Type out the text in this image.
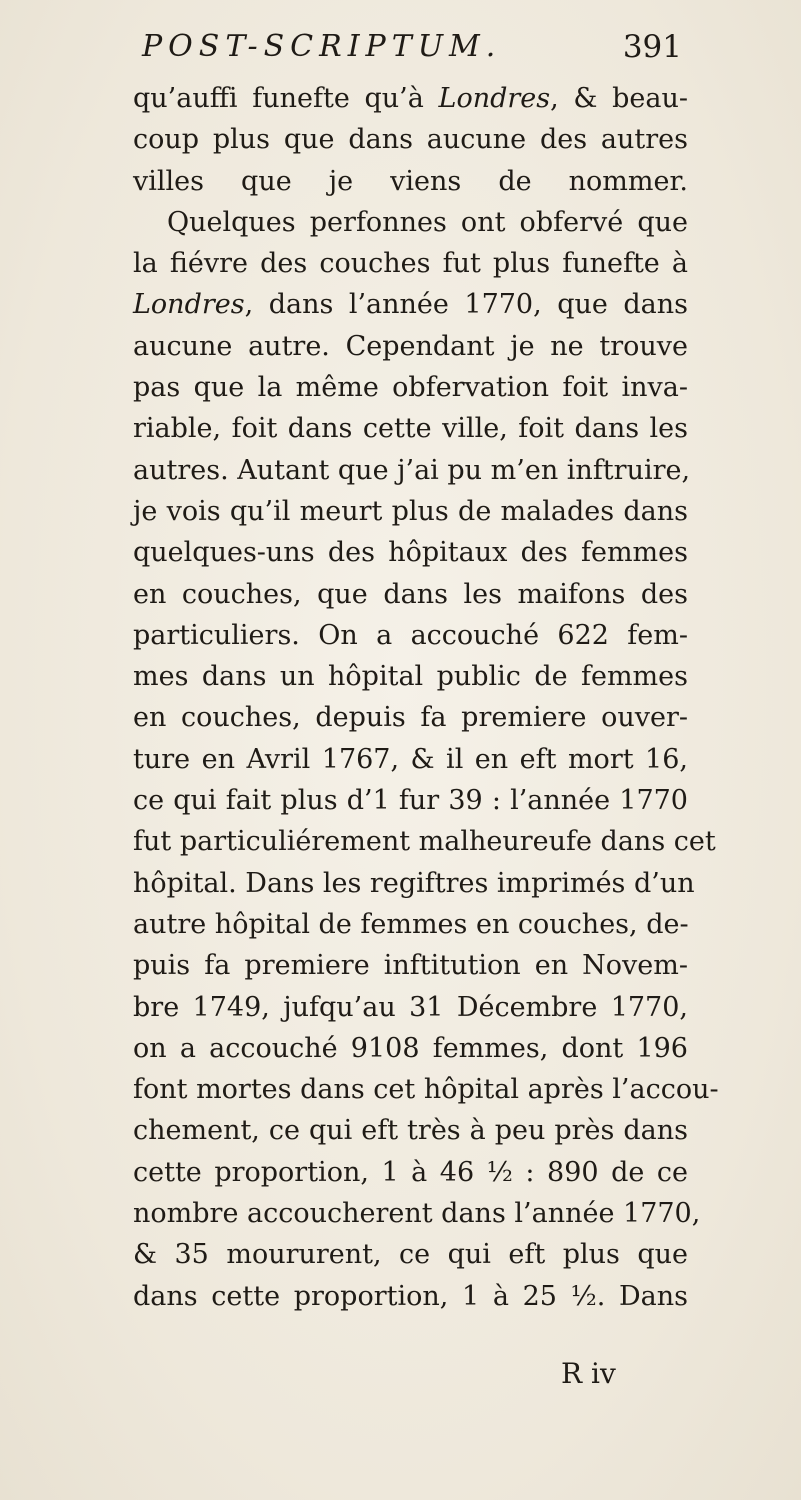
POST-SCRIPTUM.	391
qu’auffi funefte qu’à Londres, & beau-
coup plus que dans aucune des autres
villes que je viens de nommer.
Quelques perfonnes ont obfervé que
la fiévre des couches fut plus funefte à
Londres, dans l’année 1770, que dans
aucune autre. Cependant je ne trouve
pas que la même obfervation foit inva-
riable, foit dans cette ville, foit dans les
autres. Autant que j’ai pu m’en inftruire,
je vois qu’il meurt plus de malades dans
quelques-uns des hôpitaux des femmes
en couches, que dans les maifons des
particuliers. On a accouché 622 fem-
mes dans un hôpital public de femmes
en couches, depuis fa premiere ouver-
ture en Avril 1767, & il en eft mort 16,
ce qui fait plus d’1 fur 39 : l’année 1770
fut particuliérement malheureufe dans cet
hôpital. Dans les regiftres imprimés d’un
autre hôpital de femmes en couches, de-
puis fa premiere inftitution en Novem-
bre 1749, jufqu’au 31 Décembre 1770,
on a accouché 9108 femmes, dont 196
font mortes dans cet hôpital après l’accou-
chement, ce qui eft très à peu près dans
cette proportion, 1 à 46 ½ : 890 de ce
nombre accoucherent dans l’année 1770,
& 35 moururent, ce qui eft plus que
dans cette proportion, 1 à 25 ½. Dans
R iv
